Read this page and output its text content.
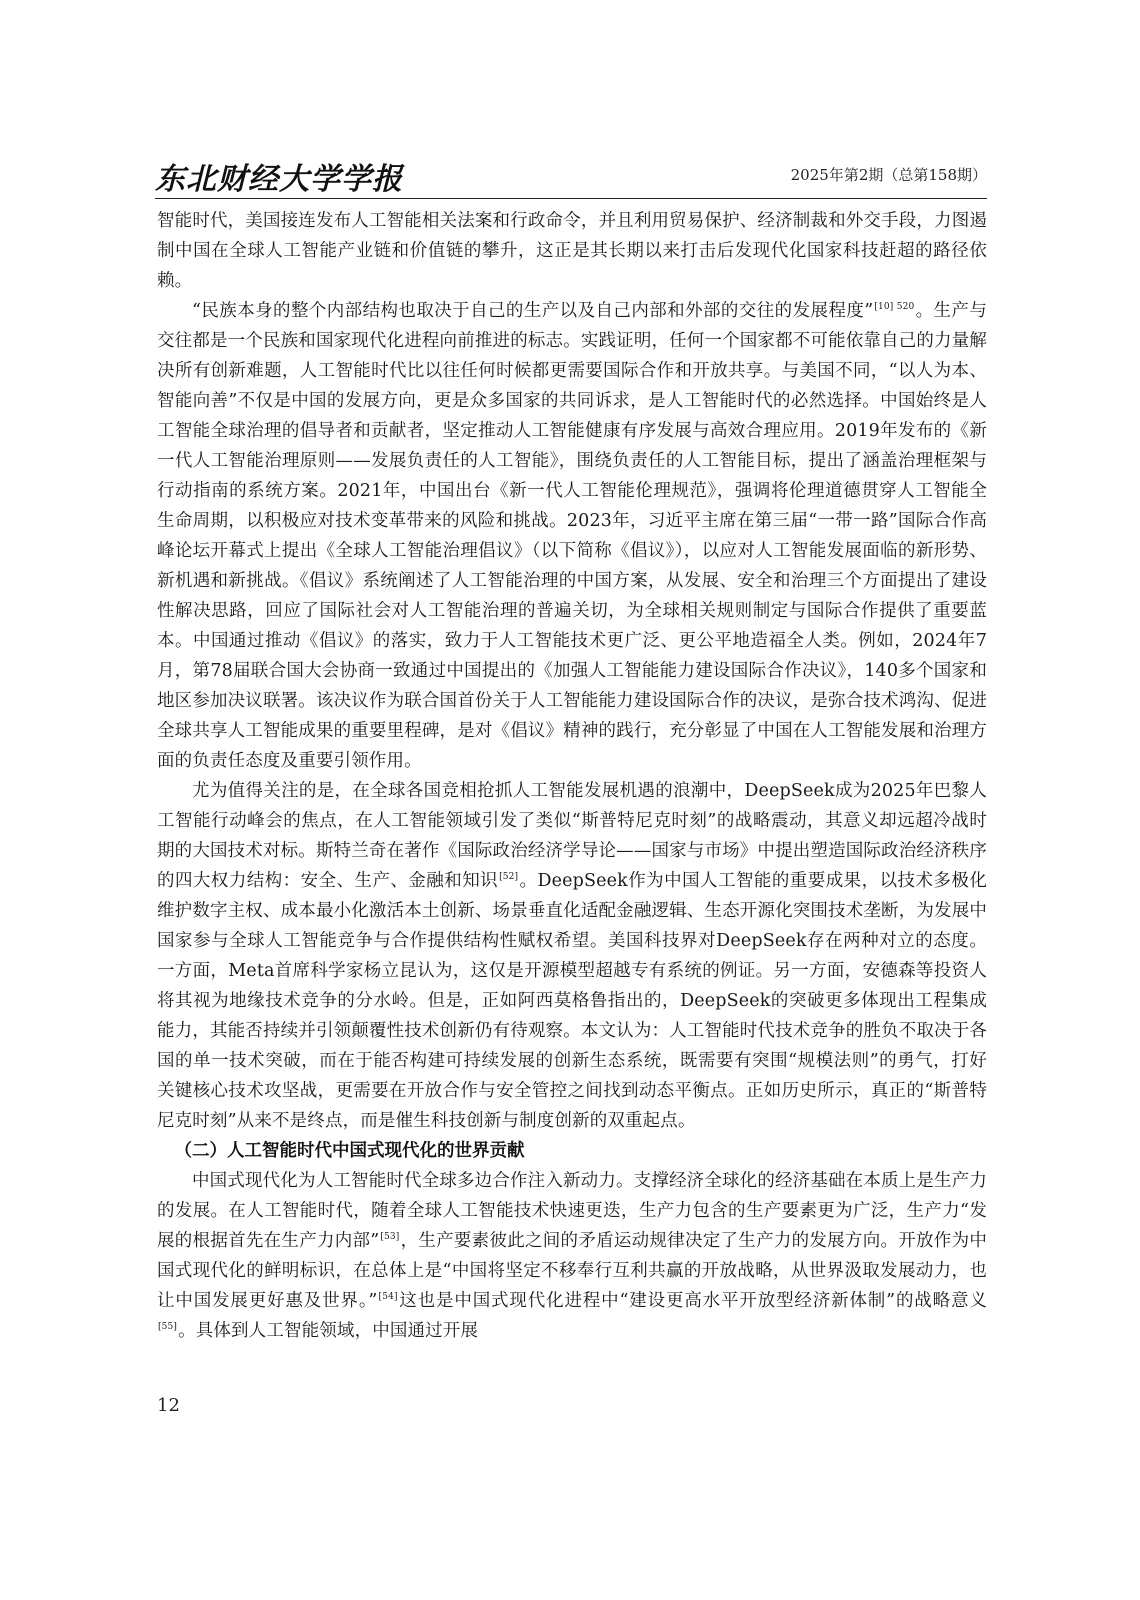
东北财经大学学报	2025年第2期（总第158期）

智能时代，美国接连发布人工智能相关法案和行政命令，并且利用贸易保护、经济制裁和外交手段，力图遏制中国在全球人工智能产业链和价值链的攀升，这正是其长期以来打击后发现代化国家科技赶超的路径依赖。

“民族本身的整个内部结构也取决于自己的生产以及自己内部和外部的交往的发展程度”$^{[10] 520}$。生产与交往都是一个民族和国家现代化进程向前推进的标志。实践证明，任何一个国家都不可能依靠自己的力量解决所有创新难题，人工智能时代比以往任何时候都更需要国际合作和开放共享。与美国不同，“以人为本、智能向善”不仅是中国的发展方向，更是众多国家的共同诉求，是人工智能时代的必然选择。中国始终是人工智能全球治理的倡导者和贡献者，坚定推动人工智能健康有序发展与高效合理应用。2019年发布的《新一代人工智能治理原则——发展负责任的人工智能》，围绕负责任的人工智能目标，提出了涵盖治理框架与行动指南的系统方案。2021年，中国出台《新一代人工智能伦理规范》，强调将伦理道德贯穿人工智能全生命周期，以积极应对技术变革带来的风险和挑战。2023年，习近平主席在第三届“一带一路”国际合作高峰论坛开幕式上提出《全球人工智能治理倡议》（以下简称《倡议》），以应对人工智能发展面临的新形势、新机遇和新挑战。《倡议》系统阐述了人工智能治理的中国方案，从发展、安全和治理三个方面提出了建设性解决思路，回应了国际社会对人工智能治理的普遍关切，为全球相关规则制定与国际合作提供了重要蓝本。中国通过推动《倡议》的落实，致力于人工智能技术更广泛、更公平地造福全人类。例如，2024年7月，第78届联合国大会协商一致通过中国提出的《加强人工智能能力建设国际合作决议》，140多个国家和地区参加决议联署。该决议作为联合国首份关于人工智能能力建设国际合作的决议，是弥合技术鸿沟、促进全球共享人工智能成果的重要里程碑，是对《倡议》精神的践行，充分彰显了中国在人工智能发展和治理方面的负责任态度及重要引领作用。

尤为值得关注的是，在全球各国竞相抢抓人工智能发展机遇的浪潮中，DeepSeek成为2025年巴黎人工智能行动峰会的焦点，在人工智能领域引发了类似“斯普特尼克时刻”的战略震动，其意义却远超冷战时期的大国技术对标。斯特兰奇在著作《国际政治经济学导论——国家与市场》中提出塑造国际政治经济秩序的四大权力结构：安全、生产、金融和知识[52]。DeepSeek作为中国人工智能的重要成果，以技术多极化维护数字主权、成本最小化激活本土创新、场景垂直化适配金融逻辑、生态开源化突围技术垄断，为发展中国家参与全球人工智能竞争与合作提供结构性赋权希望。美国科技界对DeepSeek存在两种对立的态度。一方面，Meta首席科学家杨立昆认为，这仅是开源模型超越专有系统的例证。另一方面，安德森等投资人将其视为地缘技术竞争的分水岭。但是，正如阿西莫格鲁指出的，DeepSeek的突破更多体现出工程集成能力，其能否持续并引领颠覆性技术创新仍有待观察。本文认为：人工智能时代技术竞争的胜负不取决于各国的单一技术突破，而在于能否构建可持续发展的创新生态系统，既需要有突围“规模法则”的勇气，打好关键核心技术攻坚战，更需要在开放合作与安全管控之间找到动态平衡点。正如历史所示，真正的“斯普特尼克时刻”从来不是终点，而是催生科技创新与制度创新的双重起点。

（二）人工智能时代中国式现代化的世界贡献

中国式现代化为人工智能时代全球多边合作注入新动力。支撑经济全球化的经济基础在本质上是生产力的发展。在人工智能时代，随着全球人工智能技术快速更迭，生产力包含的生产要素更为广泛，生产力“发展的根据首先在生产力内部”[53]，生产要素彼此之间的矛盾运动规律决定了生产力的发展方向。开放作为中国式现代化的鲜明标识，在总体上是“中国将坚定不移奉行互利共赢的开放战略，从世界汲取发展动力，也让中国发展更好惠及世界。”[54]这也是中国式现代化进程中“建设更高水平开放型经济新体制”的战略意义[55]。具体到人工智能领域，中国通过开展

12
